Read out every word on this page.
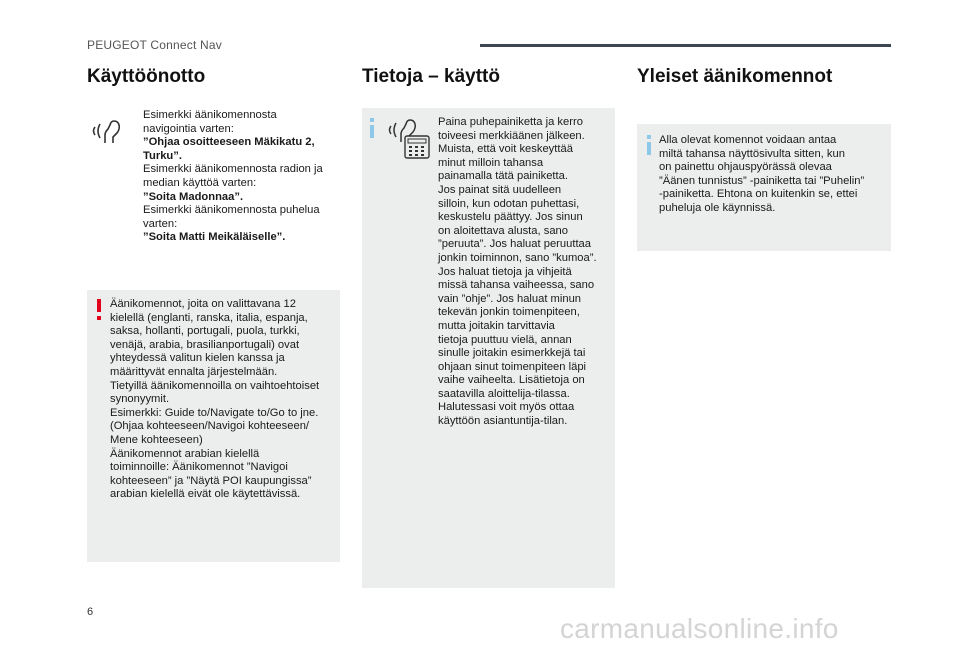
PEUGEOT Connect Nav
Käyttöönotto

Esimerkki äänikomennosta

navigointia varten:

”Ohjaa osoitteeseen Mäkikatu 2,

Turku”.

Esimerkki äänikomennosta radion ja

median käyttöä varten:

”Soita Madonnaa”.

Esimerkki äänikomennosta puhelua

varten:

”Soita Matti Meikäläiselle”.

Äänikomennot, joita on valittavana 12

kielellä (englanti, ranska, italia, espanja,

saksa, hollanti, portugali, puola, turkki,

venäjä, arabia, brasilianportugali) ovat

yhteydessä valitun kielen kanssa ja

määrittyvät ennalta järjestelmään.

Tietyillä äänikomennoilla on vaihtoehtoiset

synonyymit.

Esimerkki: Guide to/Navigate to/Go to jne.

(Ohjaa kohteeseen/Navigoi kohteeseen/

Mene kohteeseen)

Äänikomennot arabian kielellä

toiminnoille: Äänikomennot ”Navigoi

kohteeseen” ja ”Näytä POI kaupungissa”

arabian kielellä eivät ole käytettävissä.

Tietoja – käyttö

Paina puhepainiketta ja kerro

toiveesi merkkiäänen jälkeen.

Muista, että voit keskeyttää

minut milloin tahansa

painamalla tätä painiketta.

Jos painat sitä uudelleen

silloin, kun odotan puhettasi,

keskustelu päättyy. Jos sinun

on aloitettava alusta, sano

”peruuta”. Jos haluat peruuttaa

jonkin toiminnon, sano ”kumoa”.

Jos haluat tietoja ja vihjeitä

missä tahansa vaiheessa, sano

vain ”ohje”. Jos haluat minun

tekevän jonkin toimenpiteen,

mutta joitakin tarvittavia

tietoja puuttuu vielä, annan

sinulle joitakin esimerkkejä tai

ohjaan sinut toimenpiteen läpi

vaihe vaiheelta. Lisätietoja on

saatavilla aloittelija-tilassa.

Halutessasi voit myös ottaa

käyttöön asiantuntija-tilan.

Yleiset äänikomennot

Alla olevat komennot voidaan antaa

miltä tahansa näyttösivulta sitten, kun

on painettu ohjauspyörässä olevaa

”Äänen tunnistus” -painiketta tai ”Puhelin”

-painiketta. Ehtona on kuitenkin se, ettei

puheluja ole käynnissä.

6
carmanualsonline.info
